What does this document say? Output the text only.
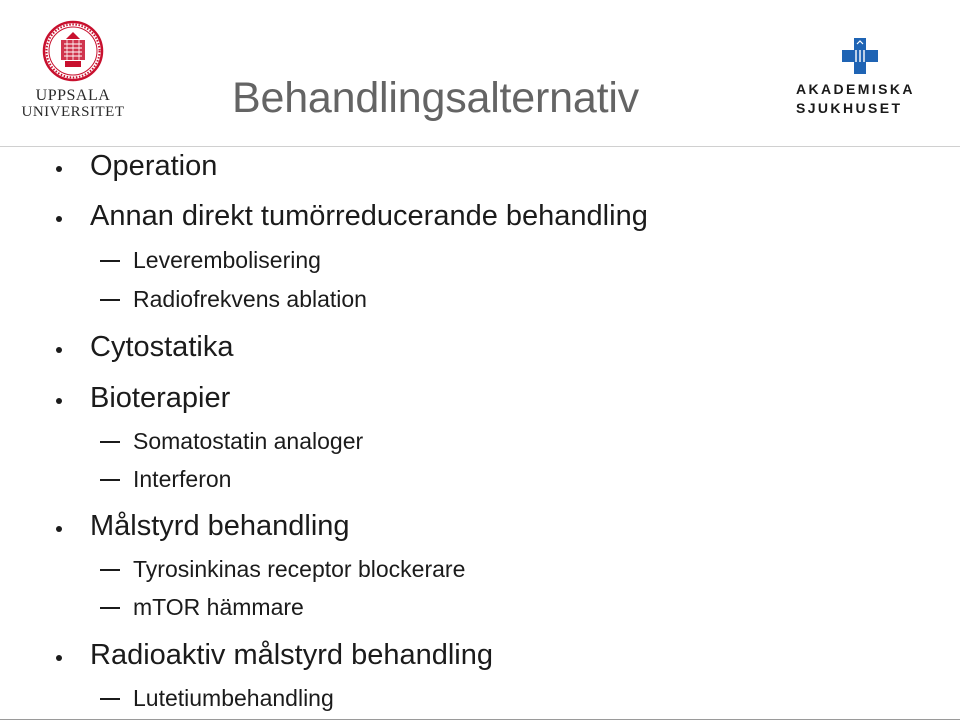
UPPSALA
UNIVERSITET	Behandlingsalternativ	AKADEMISKA
SJUKHUSET
Operation
Annan direkt tumörreducerande behandling
Leverembolisering
Radiofrekvens ablation
Cytostatika
Bioterapier
Somatostatin analoger
Interferon
Målstyrd behandling
Tyrosinkinas receptor blockerare
mTOR hämmare
Radioaktiv målstyrd behandling
Lutetiumbehandling
